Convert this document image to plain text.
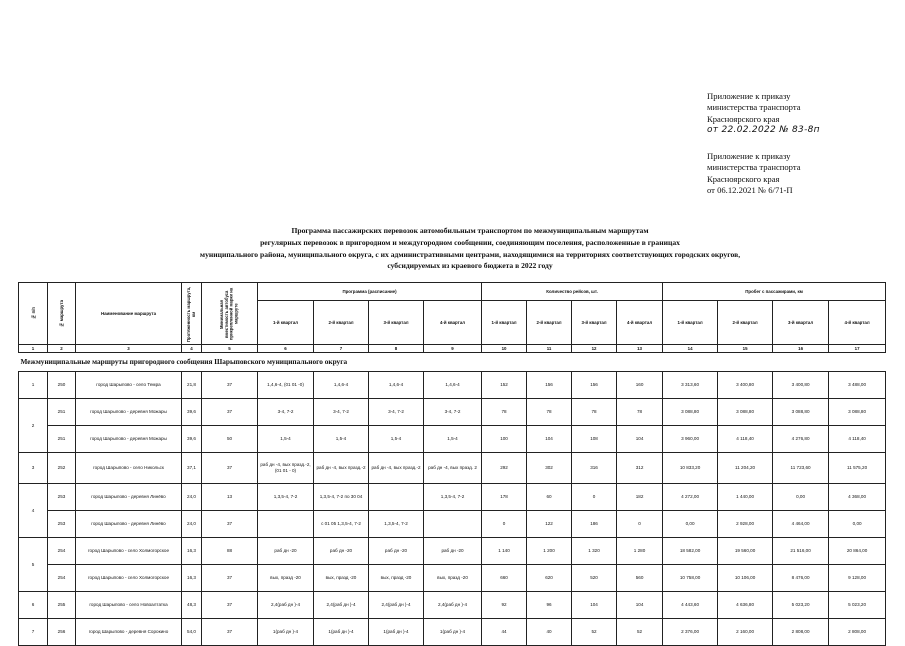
Приложение к приказу
министерства транспорта
Красноярского края
от 22.02.2022 № 83-8п
Приложение к приказу
министерства транспорта
Красноярского края
от 06.12.2021 № 6/71-П
Программа пассажирских перевозок автомобильным транспортом по межмуниципальным маршрутам
регулярных перевозок в пригородном и междугородном сообщении, соединяющим поселения, расположенные в границах
муниципального района, муниципального округа, с их административными центрами, находящимися на территориях соответствующих городских округов,
субсидируемых из краевого бюджета в 2022 году
№ п/п	№ маршрута	Наименование маршрута	Протяженность маршрута, км	Минимальная вместимость автобуса прикрепленной марки на маршруте	Программа (расписание)				Количество рейсов, шт.				Пробег с пассажирами, км			
					1-й квартал	2-й квартал	3-й квартал	4-й квартал	1-й квартал	2-й квартал	3-й квартал	4-й квартал	1-й квартал	2-й квартал	3-й квартал	4-й квартал
1	2	3	4	5	6	7	8	9	10	11	12	13	14	15	16	17
Межмуниципальные маршруты пригородного сообщения Шарыповского муниципального округа																
1	250	город Шарыпово - село Темра	21,8	37	1,4,6-4, (01 01 -0)	1,4,6-4	1,4,6-4	1,4,6-4	152	156	156	160	3 313,60	3 400,80	3 400,80	3 488,00
2	251	город Шарыпово - деревня Можары	39,6	37	3-4, 7-2	3-4, 7-2	3-4, 7-2	3-4, 7-2	78	78	78	78	3 088,80	3 088,80	3 088,80	3 088,80
	251	город Шарыпово - деревня Можары	39,6	50	1,5-4	1,5-4	1,5-4	1,5-4	100	104	108	104	3 960,00	4 118,40	4 276,80	4 118,40
3	252	город Шарыпово - село Никольск	37,1	37	раб дн -4, вых празд.-2, (01 01 - 0)	раб дн -4, вых празд.-2	раб дн -4, вых празд.-2	раб дн -4, вых празд. 2	292	302	316	312	10 833,20	11 204,20	11 723,60	11 575,20
4	253	город Шарыпово - деревня Линёво	24,0	13	1,3,5-4, 7-2	1,3,5-4, 7-2 по 30 04		1,3,5-4, 7-2	178	60	0	182	4 272,00	1 440,00	0,00	4 368,00
	253	город Шарыпово - деревня Линёво	24,0	37		с 01 05 1,3,5-4, 7-2	1,3,5-4, 7-2		0	122	186	0	0,00	2 928,00	4 464,00	0,00
5	254	город Шарыпово - село Холмогорское	16,3	88	раб дн -20	раб дн -20	раб дн -20	раб дн -20	1 140	1 200	1 320	1 280	18 582,00	19 560,00	21 516,00	20 864,00
	254	город Шарыпово - село Холмогорское	16,3	37	вых, празд -20	вых, празд -20	вых, празд -20	вых, празд -20	660	620	520	560	10 758,00	10 106,00	8 476,00	9 128,00
6	255	город Шарыпово - село Новоалтатка	48,3	37	2,4(раб дн )-4	2,4(раб дн )-4	2,4(раб дн )-4	2,4(раб дн )-4	92	96	104	104	4 443,60	4 636,80	5 023,20	5 023,20
7	256	город Шарыпово - деревня Сорокино	54,0	37	1(раб дн )-4	1(раб дн )-4	1(раб дн )-4	1(раб дн )-4	44	40	52	52	2 376,00	2 160,00	2 808,00	2 808,00
